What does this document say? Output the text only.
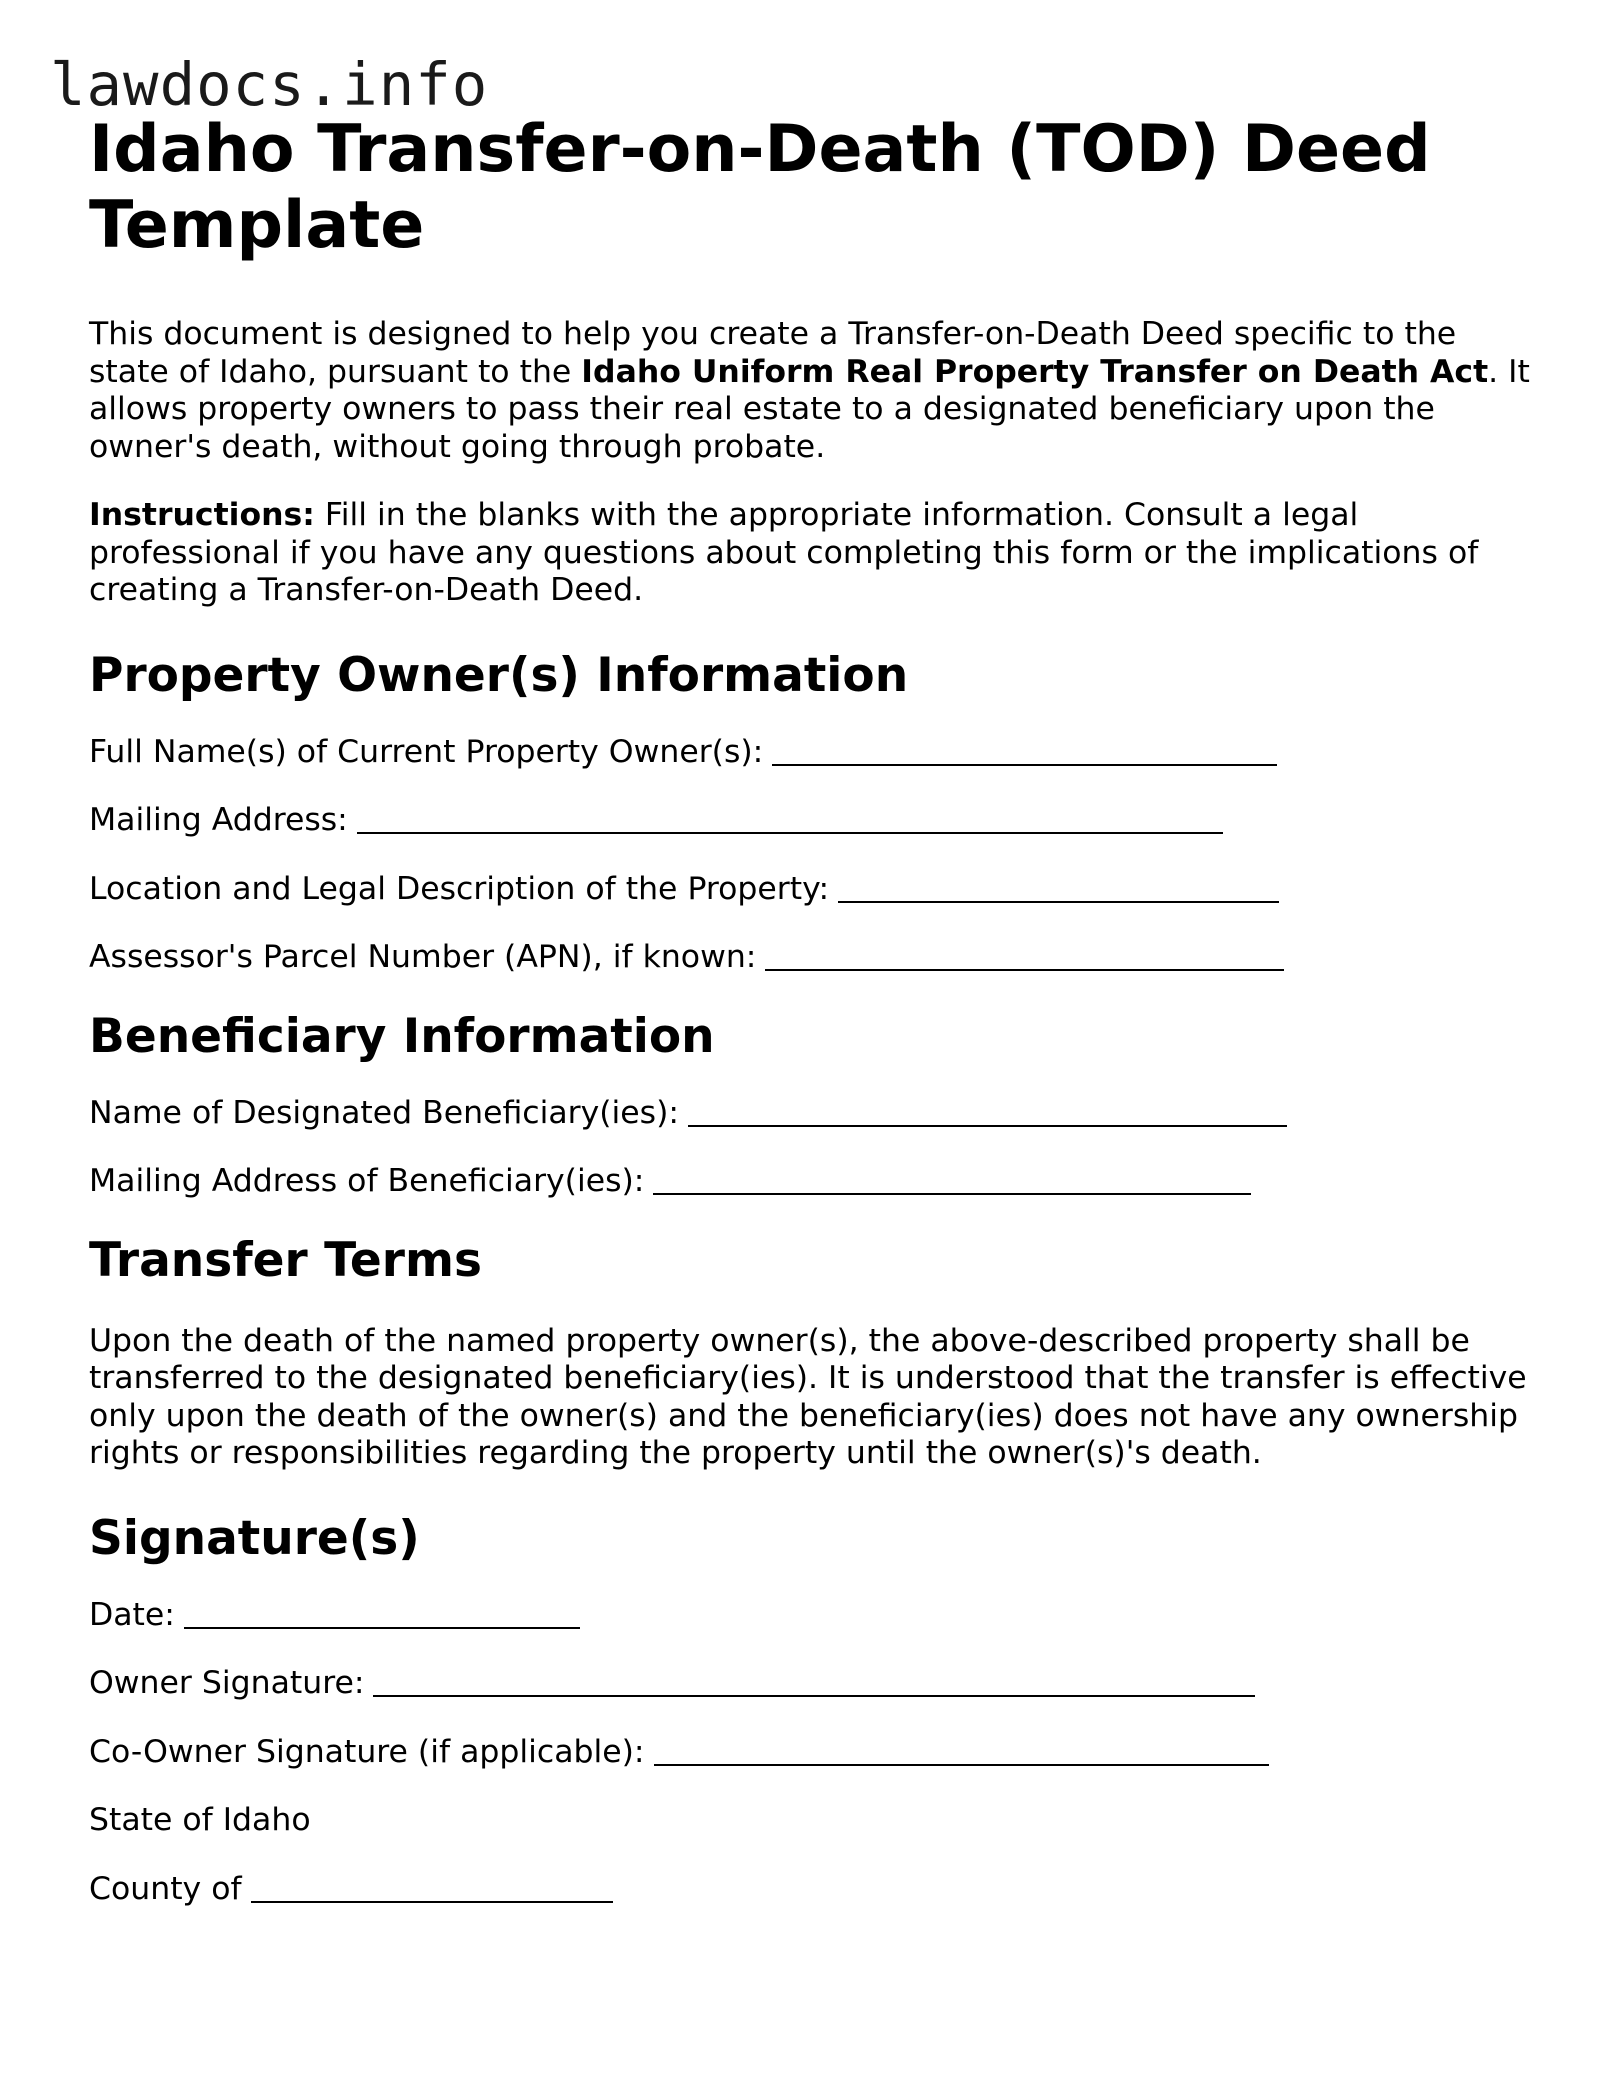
lawdocs.info
Idaho Transfer-on-Death (TOD) Deed Template

This document is designed to help you create a Transfer-on-Death Deed specific to the state of Idaho, pursuant to the Idaho Uniform Real Property Transfer on Death Act. It allows property owners to pass their real estate to a designated beneficiary upon the owner's death, without going through probate.

Instructions: Fill in the blanks with the appropriate information. Consult a legal professional if you have any questions about completing this form or the implications of creating a Transfer-on-Death Deed.

Property Owner(s) Information
Full Name(s) of Current Property Owner(s):
Mailing Address:
Location and Legal Description of the Property:
Assessor's Parcel Number (APN), if known:
Beneficiary Information
Name of Designated Beneficiary(ies):
Mailing Address of Beneficiary(ies):
Transfer Terms

Upon the death of the named property owner(s), the above-described property shall be transferred to the designated beneficiary(ies). It is understood that the transfer is effective only upon the death of the owner(s) and the beneficiary(ies) does not have any ownership rights or responsibilities regarding the property until the owner(s)'s death.

Signature(s)
Date:
Owner Signature:
Co-Owner Signature (if applicable):
State of Idaho
County of
